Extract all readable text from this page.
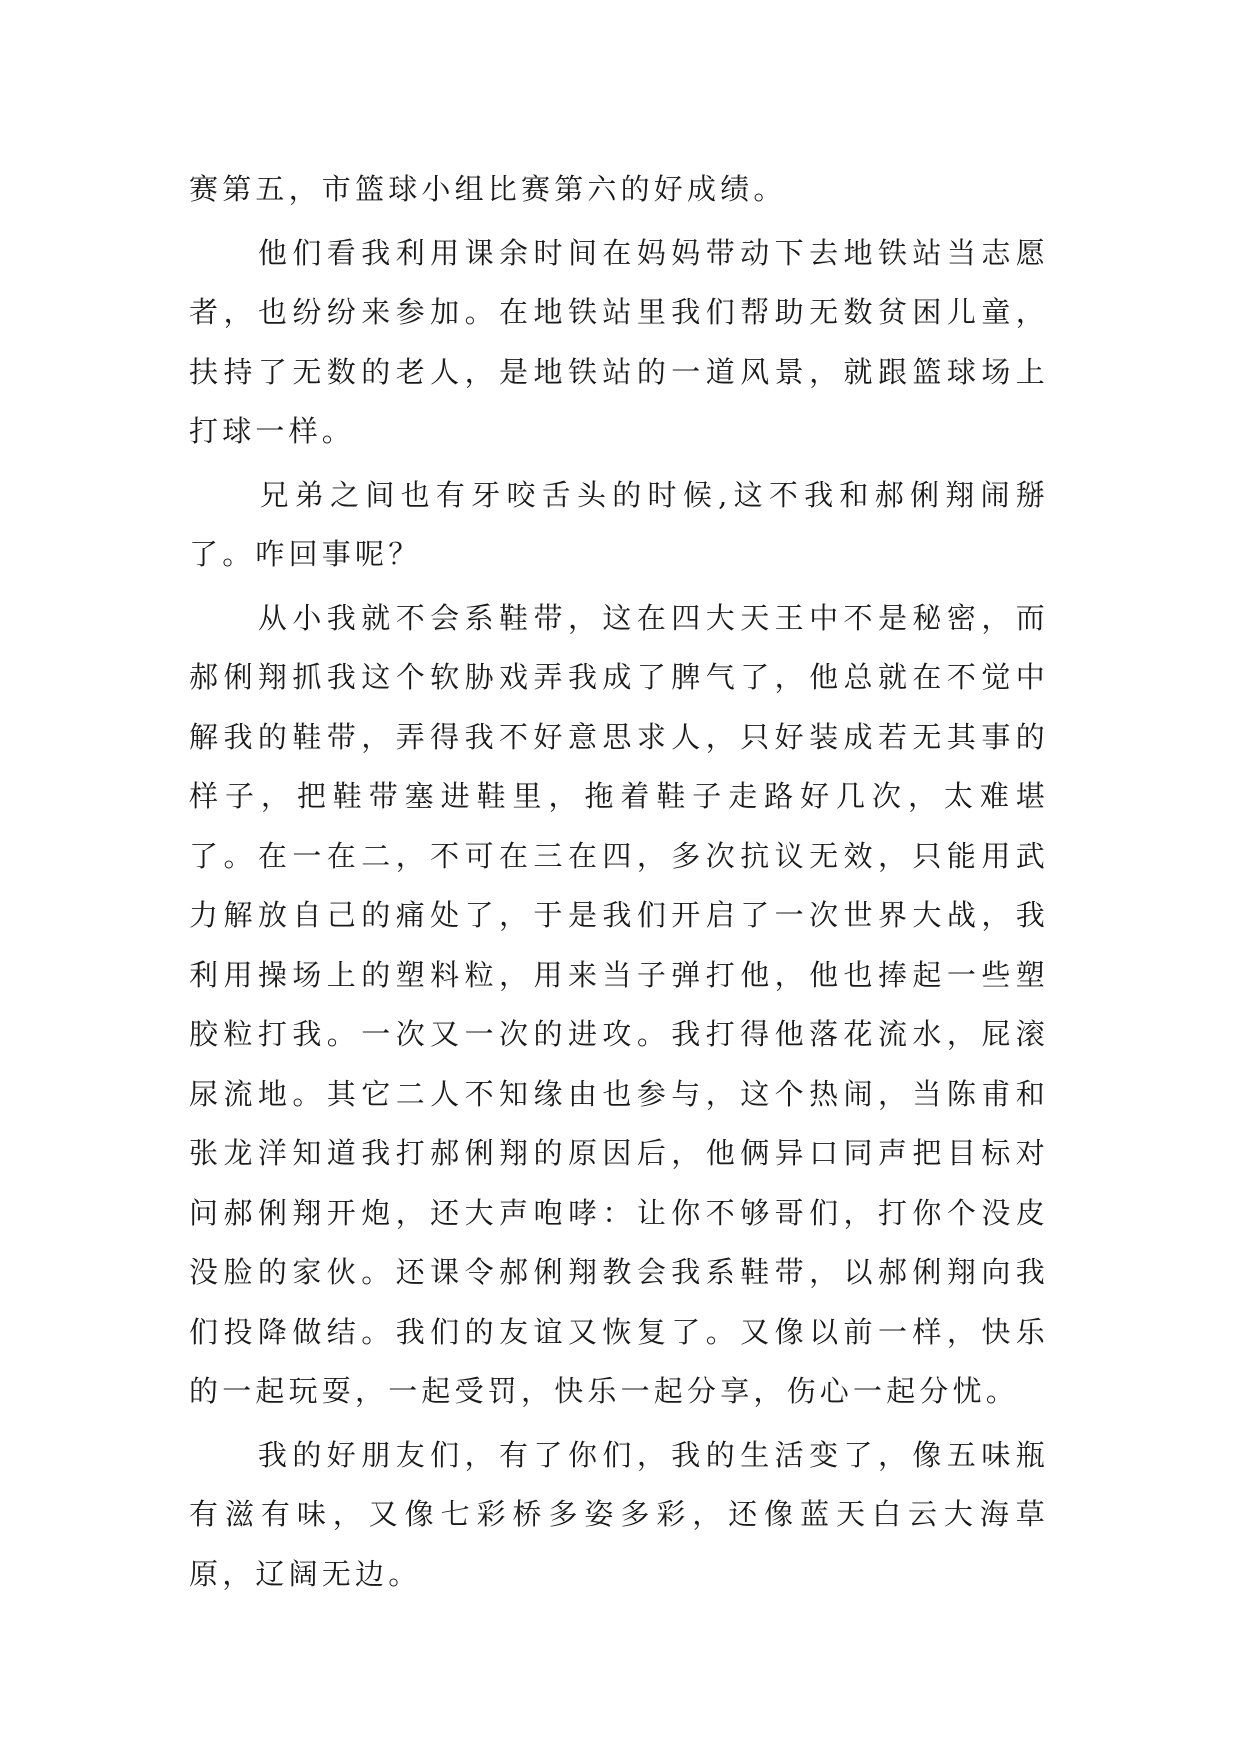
赛第五，市篮球小组比赛第六的好成绩。

　　他们看我利用课余时间在妈妈带动下去地铁站当志愿者，也纷纷来参加。在地铁站里我们帮助无数贫困儿童，扶持了无数的老人，是地铁站的一道风景，就跟篮球场上打球一样。

　　兄弟之间也有牙咬舌头的时候,这不我和郝俐翔闹掰了。咋回事呢？

　　从小我就不会系鞋带，这在四大天王中不是秘密，而郝俐翔抓我这个软胁戏弄我成了脾气了，他总就在不觉中解我的鞋带，弄得我不好意思求人，只好装成若无其事的样子，把鞋带塞进鞋里，拖着鞋子走路好几次，太难堪了。在一在二，不可在三在四，多次抗议无效，只能用武力解放自己的痛处了，于是我们开启了一次世界大战，我利用操场上的塑料粒，用来当子弹打他，他也捧起一些塑胶粒打我。一次又一次的进攻。我打得他落花流水，屁滚尿流地。其它二人不知缘由也参与，这个热闹，当陈甫和张龙洋知道我打郝俐翔的原因后，他俩异口同声把目标对问郝俐翔开炮，还大声咆哮：让你不够哥们，打你个没皮没脸的家伙。还课令郝俐翔教会我系鞋带，以郝俐翔向我们投降做结。我们的友谊又恢复了。又像以前一样，快乐的一起玩耍，一起受罚，快乐一起分享，伤心一起分忧。

　　我的好朋友们，有了你们，我的生活变了，像五味瓶有滋有味，又像七彩桥多姿多彩，还像蓝天白云大海草原，辽阔无边。
